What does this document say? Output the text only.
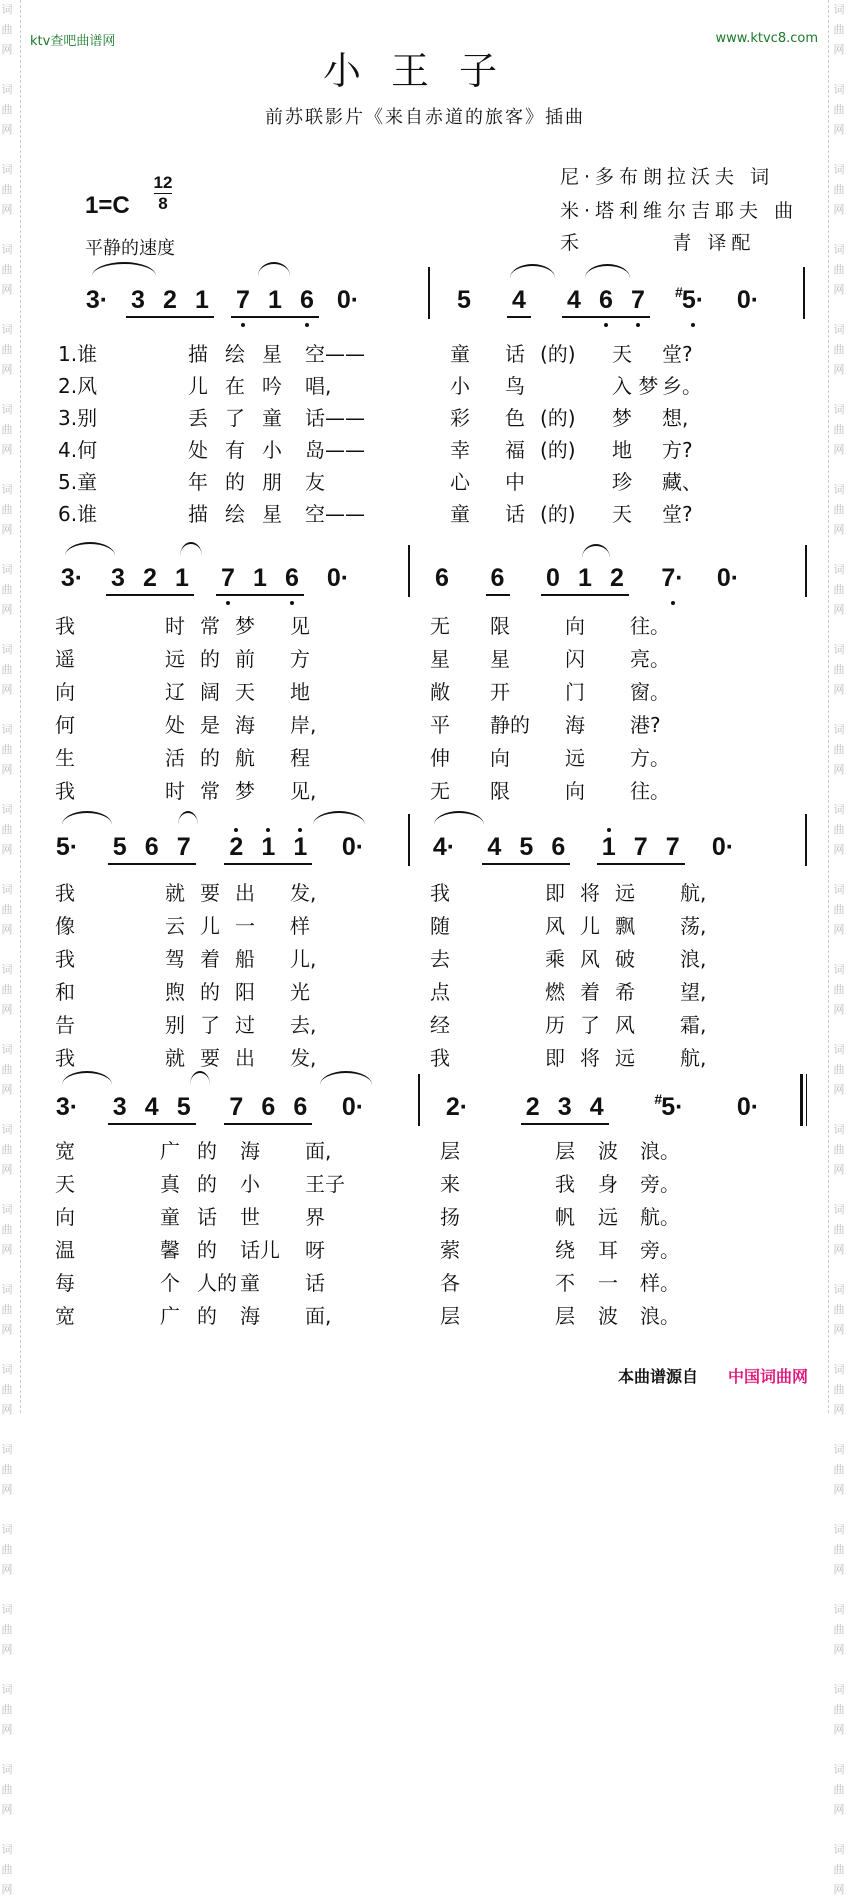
词
曲
网

词
曲
网

词
曲
网

词
曲
网

词
曲
网

词
曲
网

词
曲
网

词
曲
网

词
曲
网

词
曲
网

词
曲
网

词
曲
网

词
曲
网

词
曲
网

词
曲
网

词
曲
网

词
曲
网

词
曲
网

词
曲
网

词
曲
网

词
曲
网

词
曲
网

词
曲
网

词
曲
网

词
曲
网

词
曲
网

词
曲
网

词
曲
网

词
曲
网

词
曲
网

词
曲
网

词
曲
网

词
曲
网

词
曲
网

词
曲
网

词
曲
网

词
曲
网

词
曲
网

词
曲
网

词
曲
网

词
曲
网

词
曲
网

词
曲
网

词
曲
网

词
曲
网

词
曲
网

词
曲
网

词
曲
网

ktv查吧曲谱网	www.ktvc8.com
小王子
前苏联影片《来自赤道的旅客》插曲
1=C
12
8
平静的速度
尼·多布朗拉沃夫 词
米·塔利维尔吉耶夫 曲
禾        青 译配
3· 3 2 1 7 1 6 0·	5 4 4 6 7 5·
# 0·
1.谁	描 绘 星 空——	童 话 (的) 天 堂?
2.风	儿 在 吟 唱,	小 鸟	入 梦 乡。
3.别	丢 了 童 话——	彩 色 (的) 梦 想,
4.何	处 有 小 岛——	幸 福 (的) 地 方?
5.童	年 的 朋 友	心 中	珍 藏、
6.谁	描 绘 星 空——	童 话 (的) 天 堂?
3· 3 2 1 7 1 6 0·	6 6 0 1 2 7· 0·
我	时 常 梦 见	无 限	向 往。
遥	远 的 前 方	星 星	闪 亮。
向	辽 阔 天 地	敞 开	门 窗。
何	处 是 海 岸,	平 静的 海 港?
生	活 的 航 程	伸 向	远 方。
我	时 常 梦 见,	无 限	向 往。
5· 5 6 7 2 1 1 0·	4· 4 5 6 1 7 7 0·
我	就 要 出 发,	我	即 将 远 航,
像	云 儿 一 样	随	风 儿 飘 荡,
我	驾 着 船 儿,	去	乘 风 破 浪,
和	煦 的 阳 光	点	燃 着 希 望,
告	别 了 过 去,	经	历 了 风 霜,
我	就 要 出 发,	我	即 将 远 航,
3· 3 4 5 7 6 6 0·	2· 2 3 4 5·
#	0·
宽	广 的 海 面,	层	层 波 浪。
天	真 的 小 王子	来	我 身 旁。
向	童 话 世 界	扬	帆 远 航。
温	馨 的 话儿 呀	萦	绕 耳 旁。
每	个 人的 童 话	各	不 一 样。
宽	广 的 海 面,	层	层 波 浪。
本曲谱源自 中国词曲网
